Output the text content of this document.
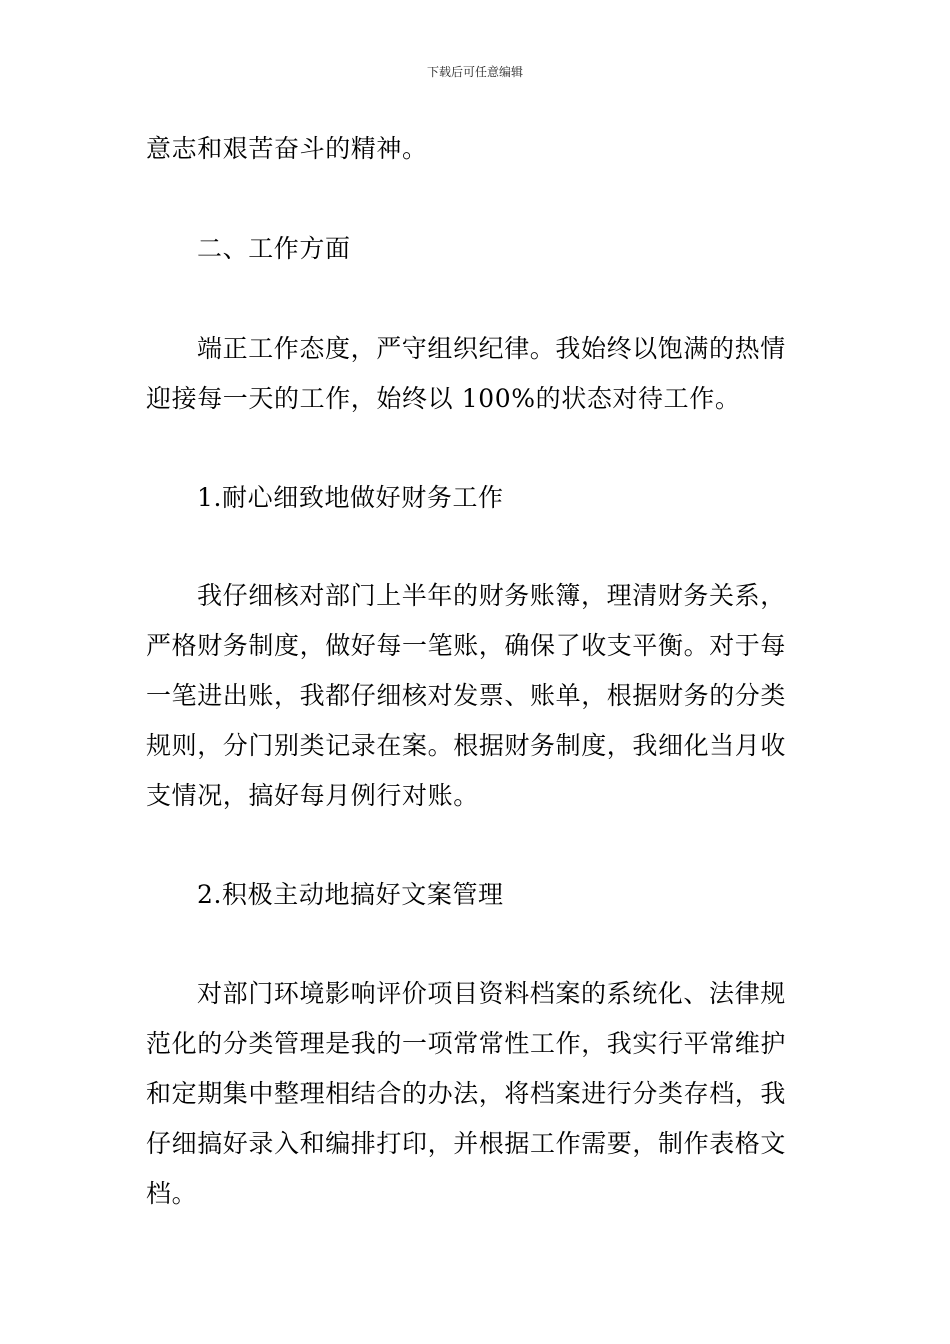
下载后可任意编辑
意志和艰苦奋斗的精神。
二、工作方面
端正工作态度，严守组织纪律。我始终以饱满的热情
迎接每一天的工作，始终以 100%的状态对待工作。
1.耐心细致地做好财务工作
我仔细核对部门上半年的财务账簿，理清财务关系，
严格财务制度，做好每一笔账，确保了收支平衡。对于每
一笔进出账，我都仔细核对发票、账单，根据财务的分类
规则，分门别类记录在案。根据财务制度，我细化当月收
支情况，搞好每月例行对账。
2.积极主动地搞好文案管理
对部门环境影响评价项目资料档案的系统化、法律规
范化的分类管理是我的一项常常性工作，我实行平常维护
和定期集中整理相结合的办法，将档案进行分类存档，我
仔细搞好录入和编排打印，并根据工作需要，制作表格文
档。
